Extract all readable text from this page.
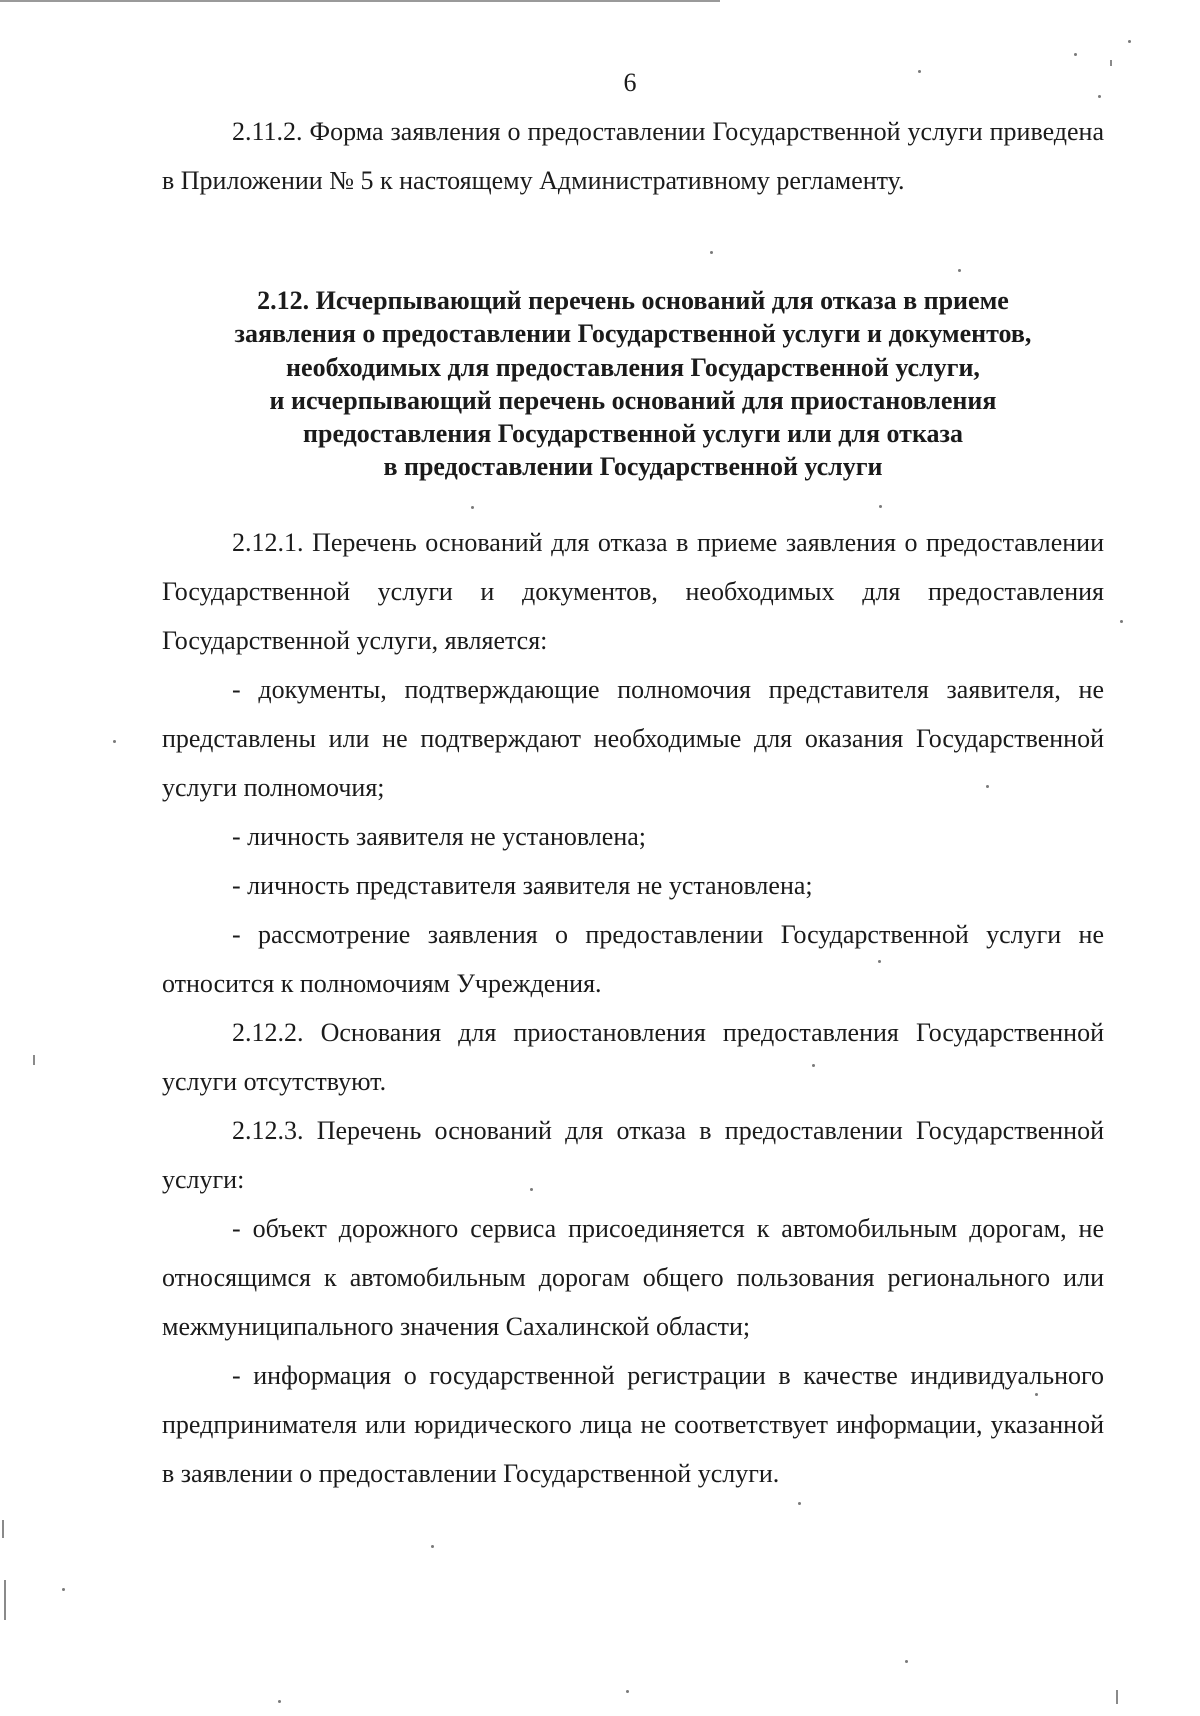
6

2.11.2. Форма заявления о предоставлении Государственной услуги приведена в Приложении № 5 к настоящему Административному регламенту.

2.12. Исчерпывающий перечень оснований для отказа в приеме
заявления о предоставлении Государственной услуги и документов,
необходимых для предоставления Государственной услуги,
и исчерпывающий перечень оснований для приостановления
предоставления Государственной услуги или для отказа
в предоставлении Государственной услуги

2.12.1. Перечень оснований для отказа в приеме заявления о предоставлении Государственной услуги и документов, необходимых для предоставления Государственной услуги, является:

- документы, подтверждающие полномочия представителя заявителя, не представлены или не подтверждают необходимые для оказания Государственной услуги полномочия;

- личность заявителя не установлена;

- личность представителя заявителя не установлена;

- рассмотрение заявления о предоставлении Государственной услуги не относится к полномочиям Учреждения.

2.12.2. Основания для приостановления предоставления Государственной услуги отсутствуют.

2.12.3. Перечень оснований для отказа в предоставлении Государственной услуги:

- объект дорожного сервиса присоединяется к автомобильным дорогам, не относящимся к автомобильным дорогам общего пользования регионального или межмуниципального значения Сахалинской области;

- информация о государственной регистрации в качестве индивидуального предпринимателя или юридического лица не соответствует информации, указанной в заявлении о предоставлении Государственной услуги.
